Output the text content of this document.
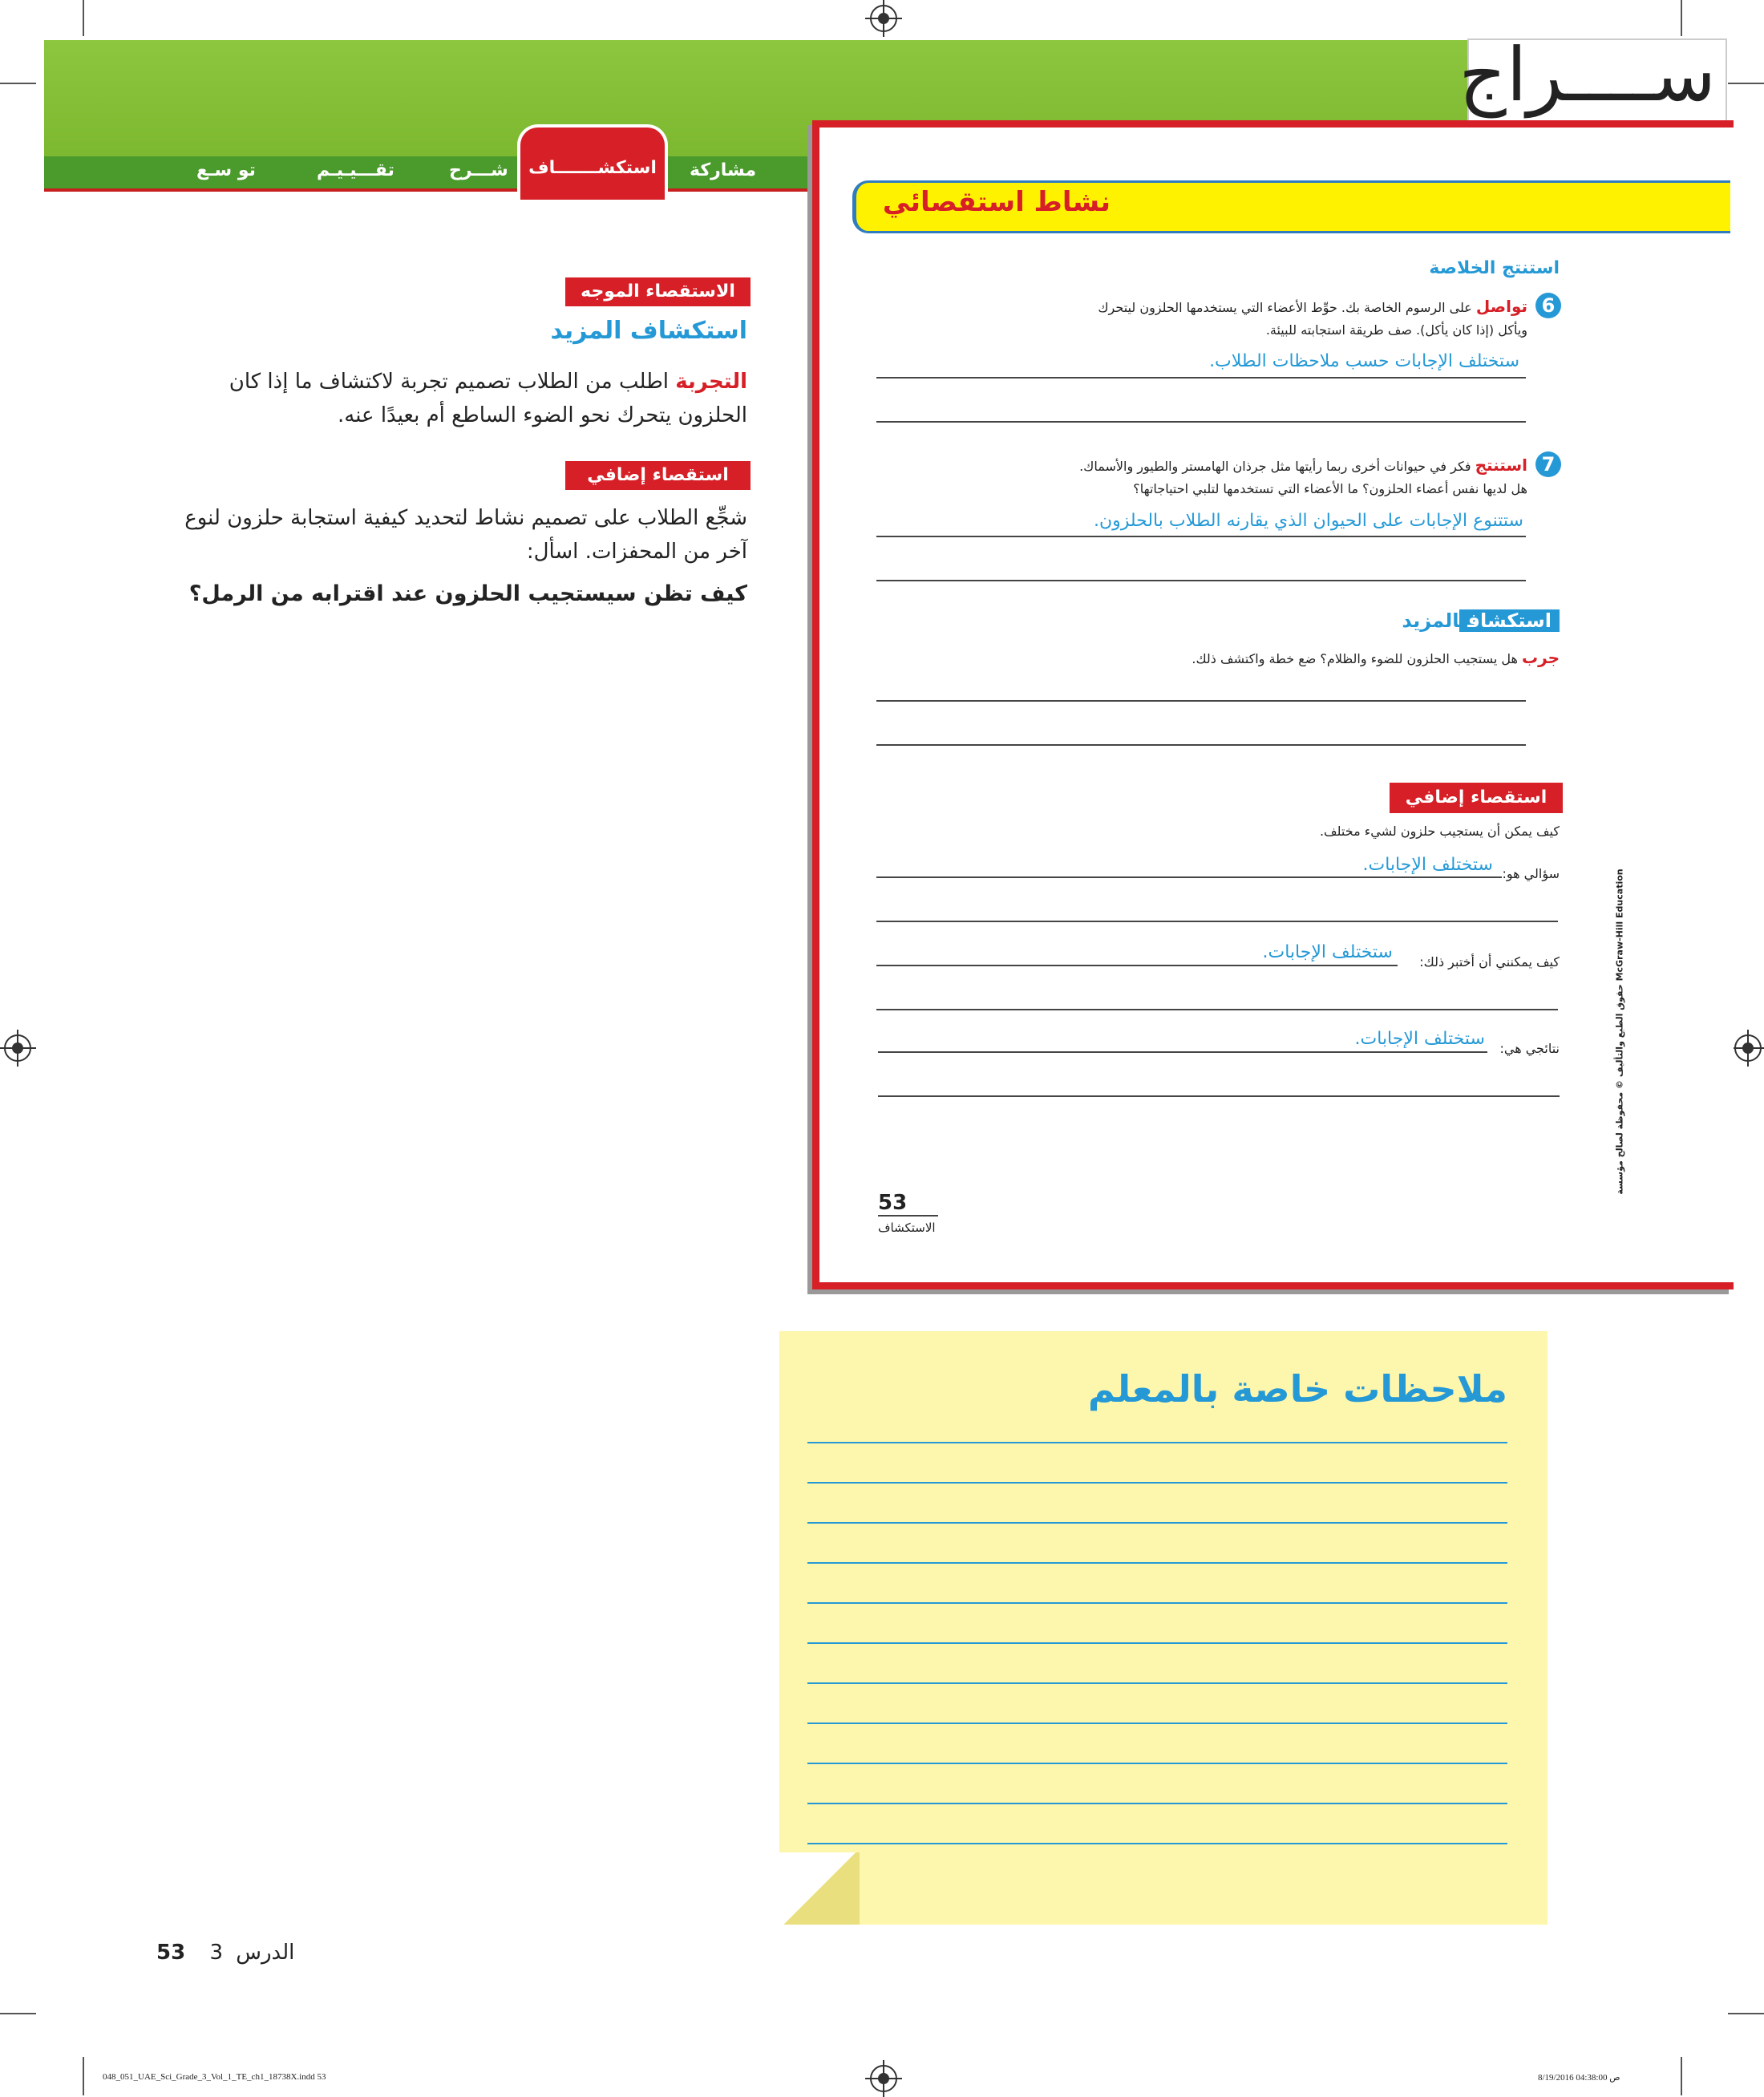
مشاركة
استكشـــــــاف
شـــرح
تقـــيـيـم
تو سـع
ســــراج
الاستقصاء الموجه
استكشاف المزيد
التجربة اطلب من الطلاب تصميم تجربة لاكتشاف ما إذا كان الحلزون يتحرك نحو الضوء الساطع أم بعيدًا عنه.
استقصاء إضافي
شجِّع الطلاب على تصميم نشاط لتحديد كيفية استجابة حلزون لنوع آخر من المحفزات. اسأل:
كيف تظن سيستجيب الحلزون عند اقترابه من الرمل؟
نشاط استقصائي
استنتج الخلاصة
6
تواصل على الرسوم الخاصة بك. حوِّط الأعضاء التي يستخدمها الحلزون ليتحرك
ويأكل (إذا كان يأكل). صف طريقة استجابته للبيئة.
ستختلف الإجابات حسب ملاحظات الطلاب.
7
استنتج فكر في حيوانات أخرى ربما رأيتها مثل جرذان الهامستر والطيور والأسماك.
هل لديها نفس أعضاء الحلزون؟ ما الأعضاء التي تستخدمها لتلبي احتياجاتها؟
ستتنوع الإجابات على الحيوان الذي يقارنه الطلاب بالحلزون.
استكشافالمزيد
جرب هل يستجيب الحلزون للضوء والظلام؟ ضع خطة واكتشف ذلك.
استقصاء إضافي
كيف يمكن أن يستجيب حلزون لشيء مختلف.
سؤالي هو:
ستختلف الإجابات.
كيف يمكنني أن أختبر ذلك:
ستختلف الإجابات.
نتائجي هي:
ستختلف الإجابات.
53
الاستكشاف
McGraw-Hill Education حقوق الطبع والتأليف © محفوظة لصالح مؤسسة
ملاحظات خاصة بالمعلم
53 3 الدرس
048_051_UAE_Sci_Grade_3_Vol_1_TE_ch1_18738X.indd 53	8/19/2016 04:38:00 ص
